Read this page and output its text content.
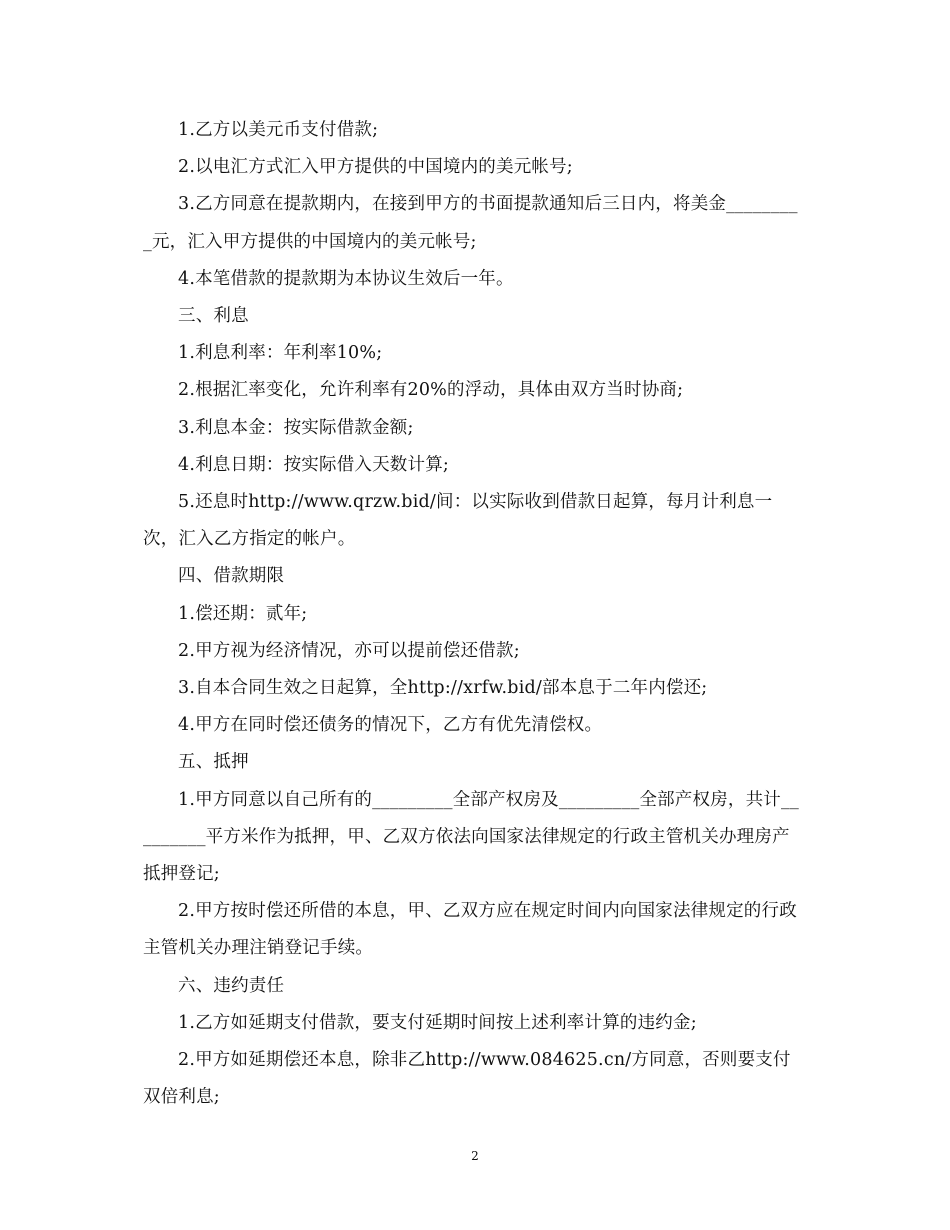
1.乙方以美元币支付借款;

2.以电汇方式汇入甲方提供的中国境内的美元帐号;

3.乙方同意在提款期内，在接到甲方的书面提款通知后三日内，将美金_________元，汇入甲方提供的中国境内的美元帐号;

4.本笔借款的提款期为本协议生效后一年。

三、利息

1.利息利率：年利率10%;

2.根据汇率变化，允许利率有20%的浮动，具体由双方当时协商;

3.利息本金：按实际借款金额;

4.利息日期：按实际借入天数计算;

5.还息时http://www.qrzw.bid/间：以实际收到借款日起算，每月计利息一次，汇入乙方指定的帐户。

四、借款期限

1.偿还期：贰年;

2.甲方视为经济情况，亦可以提前偿还借款;

3.自本合同生效之日起算，全http://xrfw.bid/部本息于二年内偿还;

4.甲方在同时偿还债务的情况下，乙方有优先清偿权。

五、抵押

1.甲方同意以自己所有的_________全部产权房及_________全部产权房，共计_________平方米作为抵押，甲、乙双方依法向国家法律规定的行政主管机关办理房产抵押登记;

2.甲方按时偿还所借的本息，甲、乙双方应在规定时间内向国家法律规定的行政主管机关办理注销登记手续。

六、违约责任

1.乙方如延期支付借款，要支付延期时间按上述利率计算的违约金;

2.甲方如延期偿还本息，除非乙http://www.084625.cn/方同意，否则要支付双倍利息;

2
